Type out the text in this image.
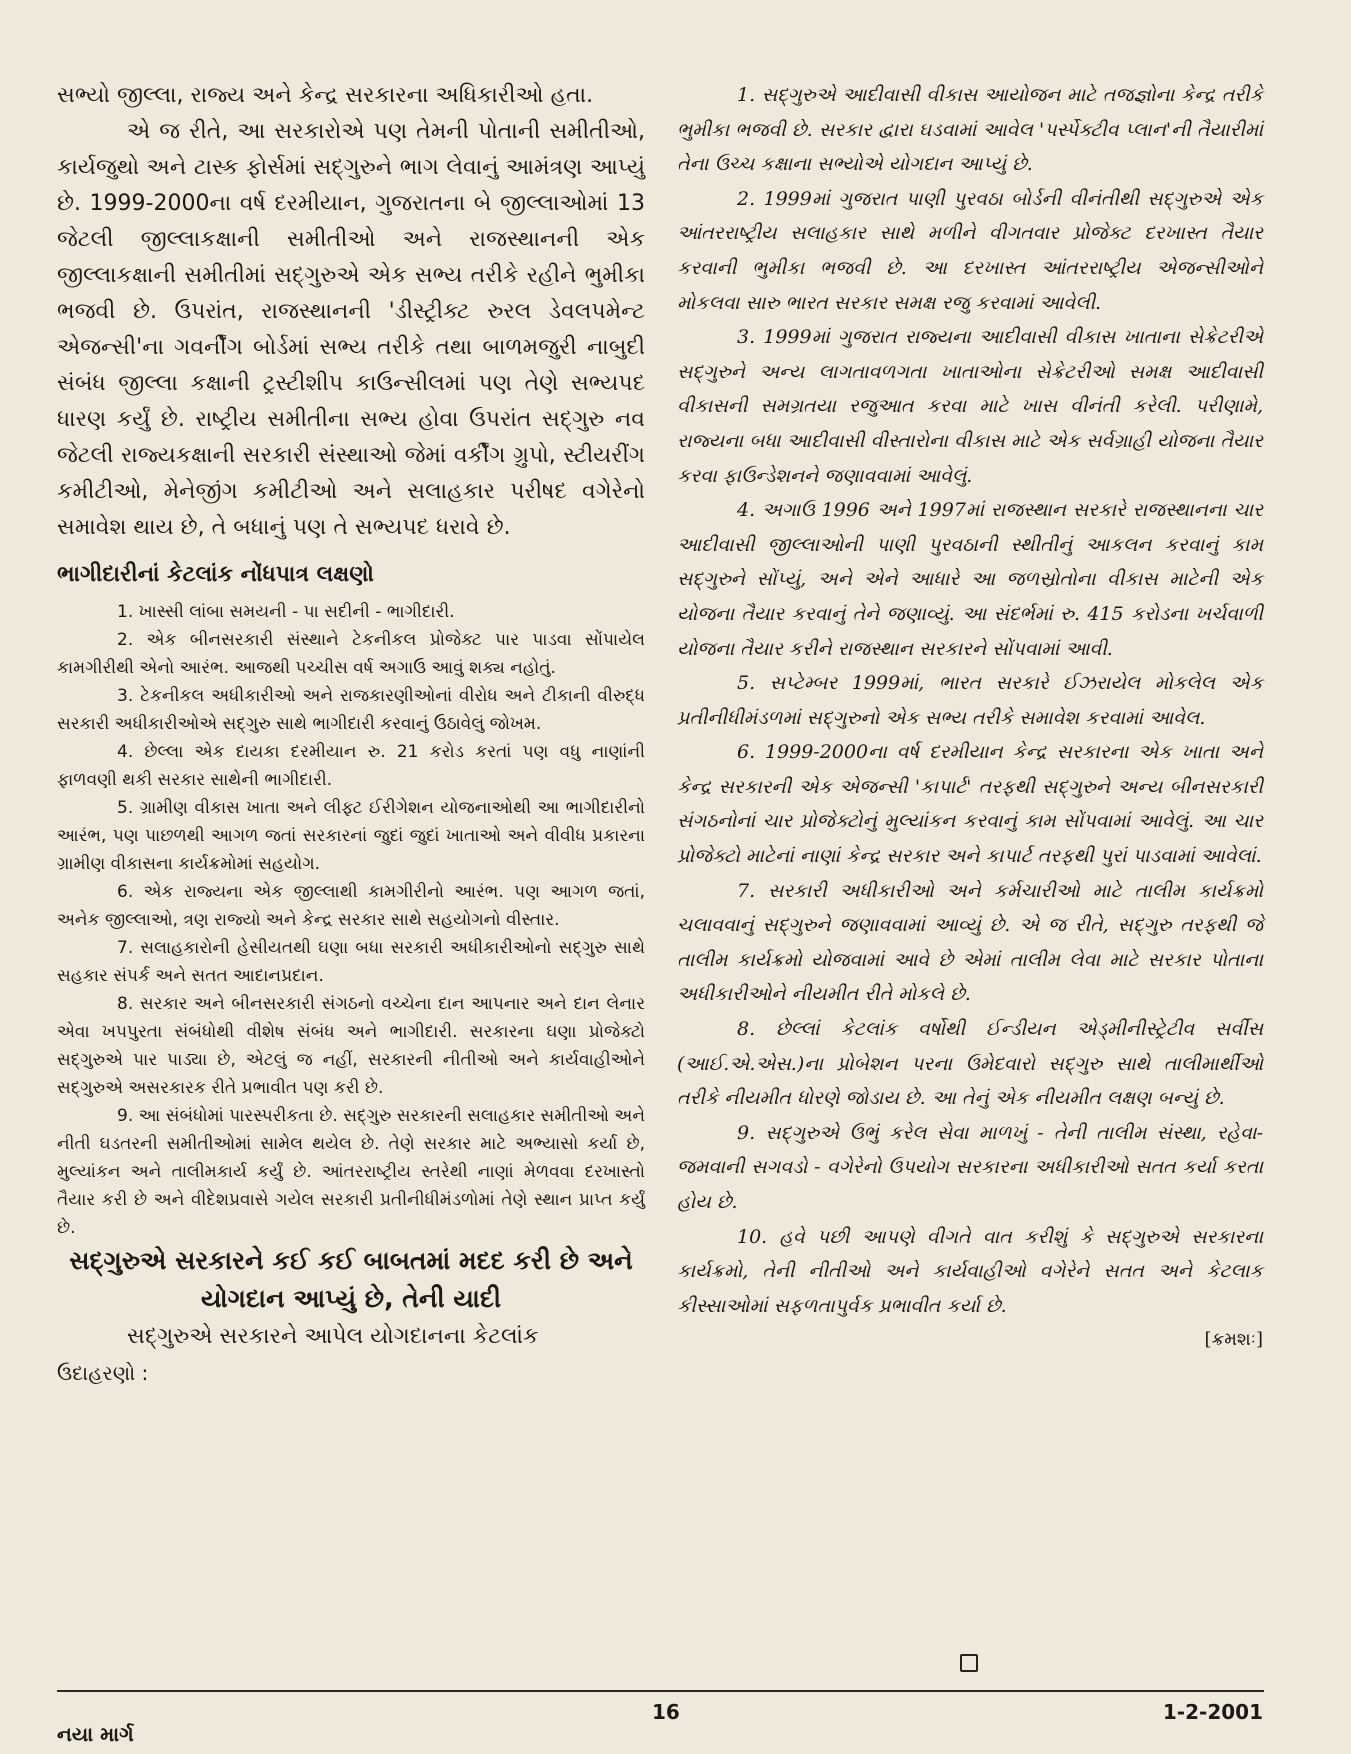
સભ્યો જીલ્લા, રાજ્ય અને કેન્દ્ર સરકારના અધિકારીઓ હતા.

એ જ રીતે, આ સરકારોએ પણ તેમની પોતાની સમીતીઓ, કાર્યજુથો અને ટાસ્ક ફોર્સમાં સદ્ગુરુને ભાગ લેવાનું આમંત્રણ આપ્યું છે. 1999-2000ના વર્ષ દરમીયાન, ગુજરાતના બે જીલ્લાઓમાં 13 જેટલી જીલ્લાકક્ષાની સમીતીઓ અને રાજસ્થાનની એક જીલ્લાકક્ષાની સમીતીમાં સદ્ગુરુએ એક સભ્ય તરીકે રહીને ભુમીકા ભજવી છે. ઉપરાંત, રાજસ્થાનની 'ડીસ્ટ્રીક્ટ રુરલ ડેવલપમેન્ટ એજન્સી'ના ગવર્નીંગ બોર્ડમાં સભ્ય તરીકે તથા બાળમજુરી નાબુદી સંબંધ જીલ્લા કક્ષાની ટ્રસ્ટીશીપ કાઉન્સીલમાં પણ તેણે સભ્યપદ ધારણ કર્યું છે. રાષ્ટ્રીય સમીતીના સભ્ય હોવા ઉપરાંત સદ્ગુરુ નવ જેટલી રાજ્યકક્ષાની સરકારી સંસ્થાઓ જેમાં વર્કીંગ ગ્રુપો, સ્ટીયરીંગ કમીટીઓ, મેનેજીંગ કમીટીઓ અને સલાહકાર પરીષદ વગેરેનો સમાવેશ થાય છે, તે બધાનું પણ તે સભ્યપદ ધરાવે છે.

ભાગીદારીનાં કેટલાંક નોંધપાત્ર લક્ષણો

1. ખાસ્સી લાંબા સમયની - પા સદીની - ભાગીદારી.

2. એક બીનસરકારી સંસ્થાને ટેકનીકલ પ્રોજેક્ટ પાર પાડવા સોંપાયેલ કામગીરીથી એનો આરંભ. આજથી પચ્ચીસ વર્ષ અગાઉ આવું શક્ય નહોતું.

3. ટેકનીકલ અધીકારીઓ અને રાજકારણીઓનાં વીરોધ અને ટીકાની વીરુદ્ધ સરકારી અધીકારીઓએ સદ્ગુરુ સાથે ભાગીદારી કરવાનું ઉઠાવેલું જોખમ.

4. છેલ્લા એક દાયકા દરમીયાન રુ. 21 કરોડ કરતાં પણ વધુ નાણાંની ફાળવણી થકી સરકાર સાથેની ભાગીદારી.

5. ગ્રામીણ વીકાસ ખાતા અને લીફ્ટ ઈરીગેશન યોજનાઓથી આ ભાગીદારીનો આરંભ, પણ પાછળથી આગળ જતાં સરકારનાં જુદાં જુદાં ખાતાઓ અને વીવીધ પ્રકારના ગ્રામીણ વીકાસના કાર્યક્રમોમાં સહયોગ.

6. એક રાજ્યના એક જીલ્લાથી કામગીરીનો આરંભ. પણ આગળ જતાં, અનેક જીલ્લાઓ, ત્રણ રાજ્યો અને કેન્દ્ર સરકાર સાથે સહયોગનો વીસ્તાર.

7. સલાહકારોની હેસીયતથી ઘણા બધા સરકારી અધીકારીઓનો સદ્ગુરુ સાથે સહકાર સંપર્ક અને સતત આદાનપ્રદાન.

8. સરકાર અને બીનસરકારી સંગઠનો વચ્ચેના દાન આપનાર અને દાન લેનાર એવા ખપપુરતા સંબંધોથી વીશેષ સંબંધ અને ભાગીદારી. સરકારના ઘણા પ્રોજેક્ટો સદ્ગુરુએ પાર પાડ્યા છે, એટલું જ નહીં, સરકારની નીતીઓ અને કાર્યવાહીઓને સદ્ગુરુએ અસરકારક રીતે પ્રભાવીત પણ કરી છે.

9. આ સંબંધોમાં પારસ્પરીકતા છે. સદ્ગુરુ સરકારની સલાહકાર સમીતીઓ અને નીતી ઘડતરની સમીતીઓમાં સામેલ થયેલ છે. તેણે સરકાર માટે અભ્યાસો કર્યા છે, મુલ્યાંકન અને તાલીમકાર્ય કર્યું છે. આંતરરાષ્ટ્રીય સ્તરેથી નાણાં મેળવવા દરખાસ્તો તૈયાર કરી છે અને વીદેશપ્રવાસે ગયેલ સરકારી પ્રતીનીધીમંડળોમાં તેણે સ્થાન પ્રાપ્ત કર્યું છે.

સદ્ગુરુએ સરકારને કઈ કઈ બાબતમાં મદદ કરી છે અને

યોગદાન આપ્યું છે, તેની યાદી

સદ્ગુરુએ સરકારને આપેલ યોગદાનના કેટલાંક

ઉદાહરણો :

1. સદ્ગુરુએ આદીવાસી વીકાસ આયોજન માટે તજજ્ઞોના કેન્દ્ર તરીકે ભુમીકા ભજવી છે. સરકાર દ્વારા ઘડવામાં આવેલ 'પર્સ્પેક્ટીવ પ્લાન'ની તૈયારીમાં તેના ઉચ્ચ કક્ષાના સભ્યોએ યોગદાન આપ્યું છે.

2. 1999માં ગુજરાત પાણી પુરવઠા બોર્ડની વીનંતીથી સદ્ગુરુએ એક આંતરરાષ્ટ્રીય સલાહકાર સાથે મળીને વીગતવાર પ્રોજેક્ટ દરખાસ્ત તૈયાર કરવાની ભુમીકા ભજવી છે. આ દરખાસ્ત આંતરરાષ્ટ્રીય એજન્સીઓને મોકલવા સારુ ભારત સરકાર સમક્ષ રજુ કરવામાં આવેલી.

3. 1999માં ગુજરાત રાજ્યના આદીવાસી વીકાસ ખાતાના સેક્રેટરીએ સદ્ગુરુને અન્ય લાગતાવળગતા ખાતાઓના સેક્રેટરીઓ સમક્ષ આદીવાસી વીકાસની સમગ્રતયા રજુઆત કરવા માટે ખાસ વીનંતી કરેલી. પરીણામે, રાજ્યના બધા આદીવાસી વીસ્તારોના વીકાસ માટે એક સર્વગ્રાહી યોજના તૈયાર કરવા ફાઉન્ડેશનને જણાવવામાં આવેલું.

4. અગાઉ 1996 અને 1997માં રાજસ્થાન સરકારે રાજસ્થાનના ચાર આદીવાસી જીલ્લાઓની પાણી પુરવઠાની સ્થીતીનું આકલન કરવાનું કામ સદ્ગુરુને સોંપ્યું, અને એને આધારે આ જળસ્રોતોના વીકાસ માટેની એક યોજના તૈયાર કરવાનું તેને જણાવ્યું. આ સંદર્ભમાં રુ. 415 કરોડના ખર્ચવાળી યોજના તૈયાર કરીને રાજસ્થાન સરકારને સોંપવામાં આવી.

5. સપ્ટેમ્બર 1999માં, ભારત સરકારે ઈઝરાયેલ મોકલેલ એક પ્રતીનીધીમંડળમાં સદ્ગુરુનો એક સભ્ય તરીકે સમાવેશ કરવામાં આવેલ.

6. 1999-2000ના વર્ષ દરમીયાન કેન્દ્ર સરકારના એક ખાતા અને કેન્દ્ર સરકારની એક એજન્સી 'કાપાર્ટ' તરફથી સદ્ગુરુને અન્ય બીનસરકારી સંગઠનોનાં ચાર પ્રોજેક્ટોનું મુલ્યાંકન કરવાનું કામ સોંપવામાં આવેલું. આ ચાર પ્રોજેક્ટો માટેનાં નાણાં કેન્દ્ર સરકાર અને કાપાર્ટ તરફથી પુરાં પાડવામાં આવેલાં.

7. સરકારી અધીકારીઓ અને કર્મચારીઓ માટે તાલીમ કાર્યક્રમો ચલાવવાનું સદ્ગુરુને જણાવવામાં આવ્યું છે. એ જ રીતે, સદ્ગુરુ તરફથી જે તાલીમ કાર્યક્રમો યોજવામાં આવે છે એમાં તાલીમ લેવા માટે સરકાર પોતાના અધીકારીઓને નીયમીત રીતે મોકલે છે.

8. છેલ્લાં કેટલાંક વર્ષોથી ઈન્ડીયન એડ્મીનીસ્ટ્રેટીવ સર્વીસ (આઈ.એ.એસ.)ના પ્રોબેશન પરના ઉમેદવારો સદ્ગુરુ સાથે તાલીમાર્થીઓ તરીકે નીયમીત ધોરણે જોડાય છે. આ તેનું એક નીયમીત લક્ષણ બન્યું છે.

9. સદ્ગુરુએ ઉભું કરેલ સેવા માળખું - તેની તાલીમ સંસ્થા, રહેવા-જમવાની સગવડો - વગેરેનો ઉપયોગ સરકારના અધીકારીઓ સતત કર્યા કરતા હોય છે.

10. હવે પછી આપણે વીગતે વાત કરીશું કે સદ્ગુરુએ સરકારના કાર્યક્રમો, તેની નીતીઓ અને કાર્યવાહીઓ વગેરેને સતત અને કેટલાક કીસ્સાઓમાં સફળતાપુર્વક પ્રભાવીત કર્યા છે.

[ક્રમશઃ]

નયા માર્ગ
16	1-2-2001
